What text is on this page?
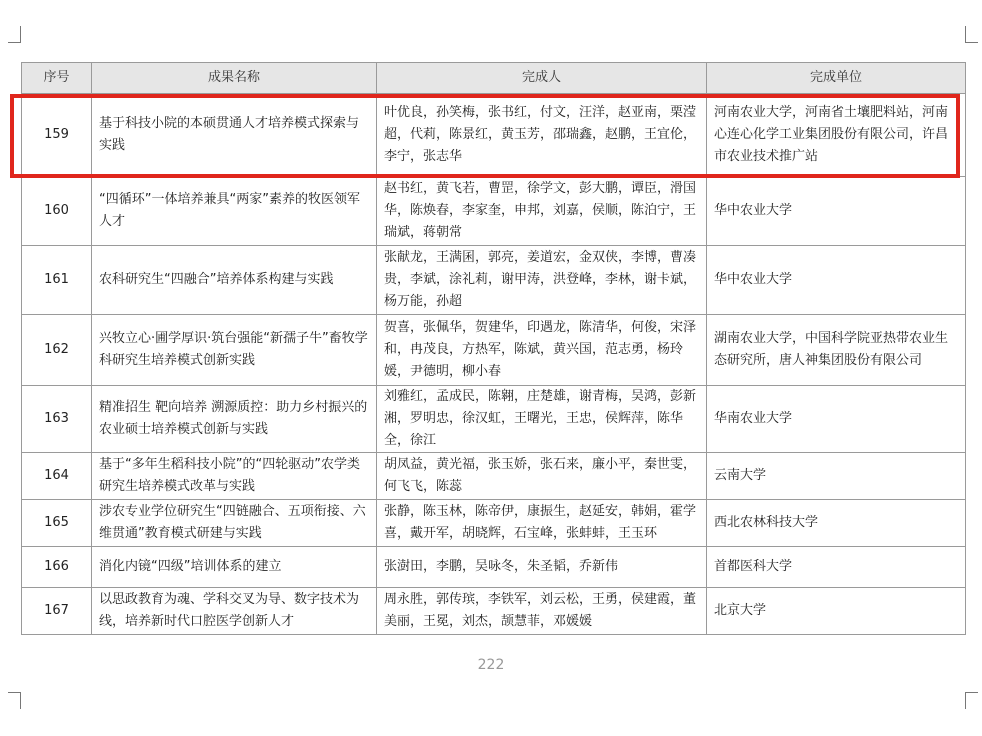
序号	成果名称	完成人	完成单位
159	基于科技小院的本硕贯通人才培养模式探索与实践	叶优良，孙笑梅，张书红，付文，汪洋，赵亚南，栗滢超，代莉，陈景红，黄玉芳，邵瑞鑫，赵鹏，王宜伦，李宁，张志华	河南农业大学，河南省土壤肥料站，河南心连心化学工业集团股份有限公司，许昌市农业技术推广站
160	“四循环”一体培养兼具“两家”素养的牧医领军人才	赵书红，黄飞若，曹罡，徐学文，彭大鹏，谭臣，滑国华，陈焕春，李家奎，申邦，刘嘉，侯顺，陈泊宁，王瑞斌，蒋朝常	华中农业大学
161	农科研究生“四融合”培养体系构建与实践	张献龙，王满囷，郭亮，姜道宏，金双侠，李博，曹凑贵，李斌，涂礼莉，谢甲涛，洪登峰，李林，谢卡斌，杨万能，孙超	华中农业大学
162	兴牧立心·圃学厚识·筑台强能“新孺子牛”畜牧学科研究生培养模式创新实践	贺喜，张佩华，贺建华，印遇龙，陈清华，何俊，宋泽和，冉茂良，方热军，陈斌，黄兴国，范志勇，杨玲媛，尹德明，柳小春	湖南农业大学，中国科学院亚热带农业生态研究所，唐人神集团股份有限公司
163	精准招生 靶向培养 溯源质控：助力乡村振兴的农业硕士培养模式创新与实践	刘雅红，孟成民，陈翱，庄楚雄，谢青梅，吴鸿，彭新湘，罗明忠，徐汉虹，王曙光，王忠，侯辉萍，陈华全，徐江	华南农业大学
164	基于“多年生稻科技小院”的“四轮驱动”农学类研究生培养模式改革与实践	胡凤益，黄光福，张玉娇，张石来，廉小平，秦世雯，何飞飞，陈蕊	云南大学
165	涉农专业学位研究生“四链融合、五项衔接、六维贯通”教育模式研建与实践	张静，陈玉林，陈帝伊，康振生，赵延安，韩娟，霍学喜，戴开军，胡晓辉，石宝峰，张蚌蚌，王玉环	西北农林科技大学
166	消化内镜“四级”培训体系的建立	张澍田，李鹏，吴咏冬，朱圣韬，乔新伟	首都医科大学
167	以思政教育为魂、学科交叉为导、数字技术为线，培养新时代口腔医学创新人才	周永胜，郭传瑸，李铁军，刘云松，王勇，侯建霞，董美丽，王冕，刘杰，颉慧菲，邓媛媛	北京大学
222
